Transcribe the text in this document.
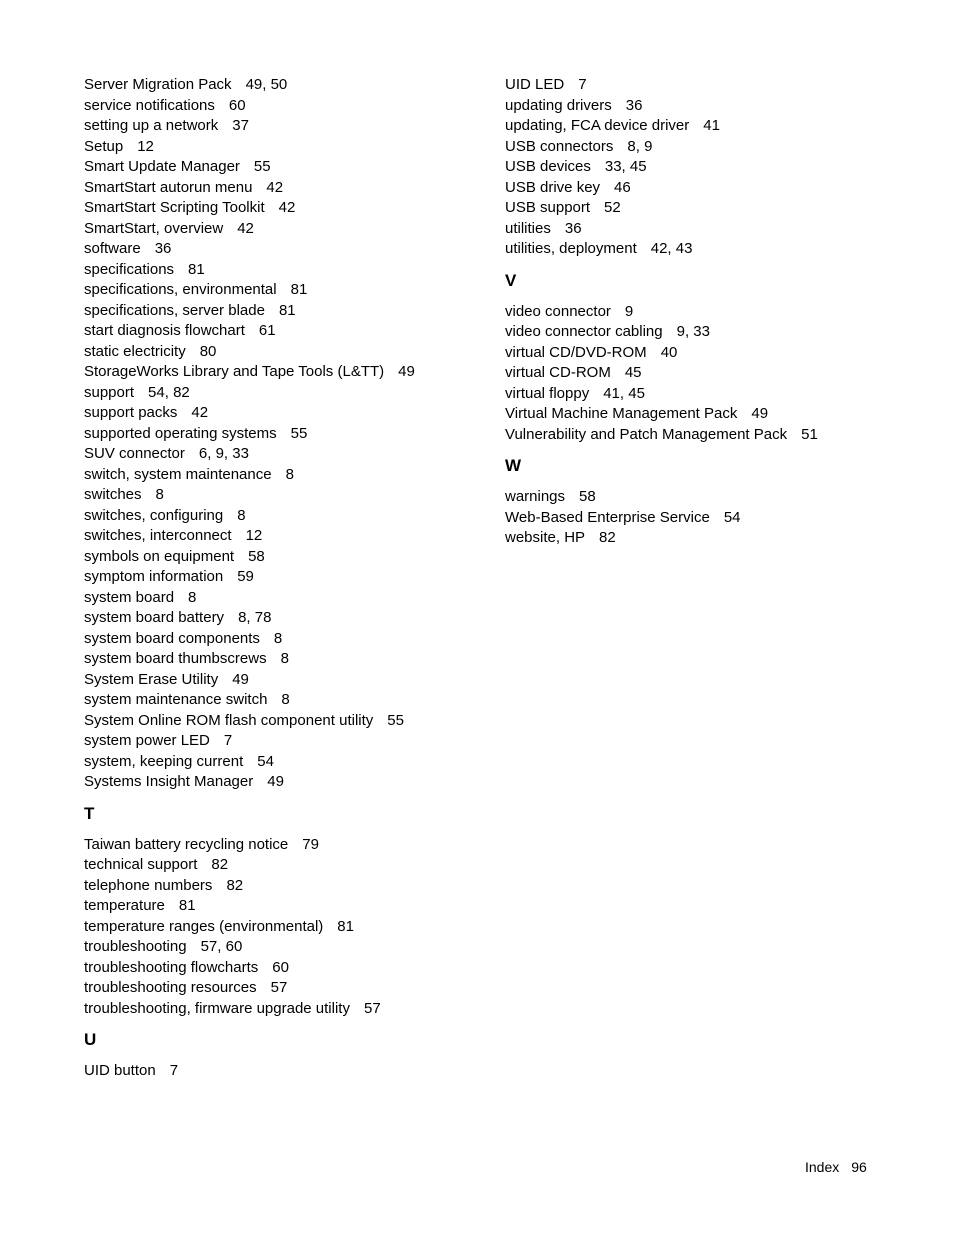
Server Migration Pack 49, 50
service notifications 60
setting up a network 37
Setup 12
Smart Update Manager 55
SmartStart autorun menu 42
SmartStart Scripting Toolkit 42
SmartStart, overview 42
software 36
specifications 81
specifications, environmental 81
specifications, server blade 81
start diagnosis flowchart 61
static electricity 80
StorageWorks Library and Tape Tools (L&TT) 49
support 54, 82
support packs 42
supported operating systems 55
SUV connector 6, 9, 33
switch, system maintenance 8
switches 8
switches, configuring 8
switches, interconnect 12
symbols on equipment 58
symptom information 59
system board 8
system board battery 8, 78
system board components 8
system board thumbscrews 8
System Erase Utility 49
system maintenance switch 8
System Online ROM flash component utility 55
system power LED 7
system, keeping current 54
Systems Insight Manager 49
T
Taiwan battery recycling notice 79
technical support 82
telephone numbers 82
temperature 81
temperature ranges (environmental) 81
troubleshooting 57, 60
troubleshooting flowcharts 60
troubleshooting resources 57
troubleshooting, firmware upgrade utility 57
U
UID button 7
UID LED 7
updating drivers 36
updating, FCA device driver 41
USB connectors 8, 9
USB devices 33, 45
USB drive key 46
USB support 52
utilities 36
utilities, deployment 42, 43
V
video connector 9
video connector cabling 9, 33
virtual CD/DVD-ROM 40
virtual CD-ROM 45
virtual floppy 41, 45
Virtual Machine Management Pack 49
Vulnerability and Patch Management Pack 51
W
warnings 58
Web-Based Enterprise Service 54
website, HP 82
Index 96
